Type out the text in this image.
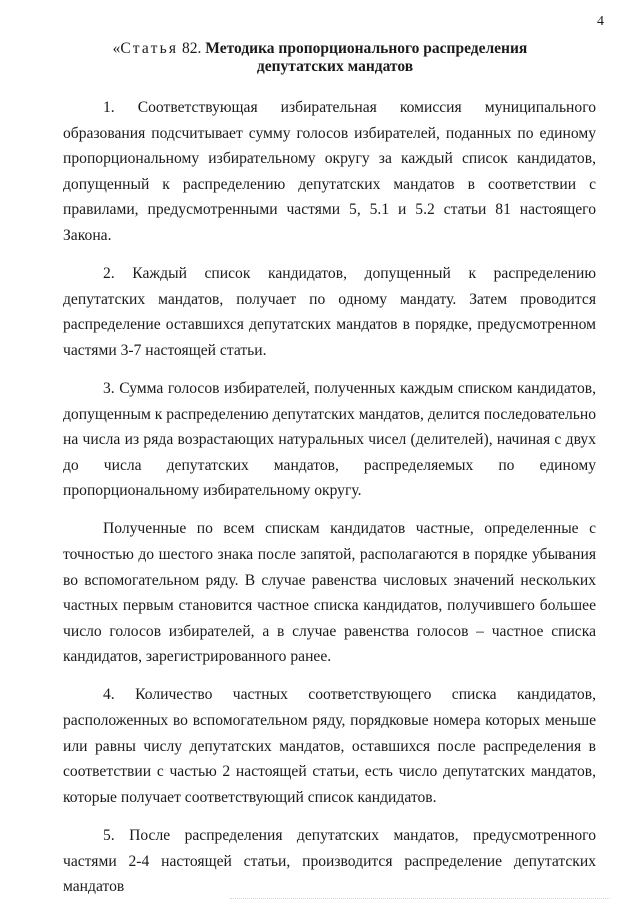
4
«Статья 82. Методика пропорционального распределения
депутатских мандатов

1. Соответствующая избирательная комиссия муниципального образования подсчитывает сумму голосов избирателей, поданных по единому пропорциональному избирательному округу за каждый список кандидатов, допущенный к распределению депутатских мандатов в соответствии с правилами, предусмотренными частями 5, 5.1 и 5.2 статьи 81 настоящего Закона.

2. Каждый список кандидатов, допущенный к распределению депутатских мандатов, получает по одному мандату. Затем проводится распределение оставшихся депутатских мандатов в порядке, предусмотренном частями 3-7 настоящей статьи.

3. Сумма голосов избирателей, полученных каждым списком кандидатов, допущенным к распределению депутатских мандатов, делится последовательно на числа из ряда возрастающих натуральных чисел (делителей), начиная с двух до числа депутатских мандатов, распределяемых по единому пропорциональному избирательному округу.

Полученные по всем спискам кандидатов частные, определенные с точностью до шестого знака после запятой, располагаются в порядке убывания во вспомогательном ряду. В случае равенства числовых значений нескольких частных первым становится частное списка кандидатов, получившего большее число голосов избирателей, а в случае равенства голосов – частное списка кандидатов, зарегистрированного ранее.

4. Количество частных соответствующего списка кандидатов, расположенных во вспомогательном ряду, порядковые номера которых меньше или равны числу депутатских мандатов, оставшихся после распределения в соответствии с частью 2 настоящей статьи, есть число депутатских мандатов, которые получает соответствующий список кандидатов.

5. После распределения депутатских мандатов, предусмотренного частями 2-4 настоящей статьи, производится распределение депутатских мандатов
